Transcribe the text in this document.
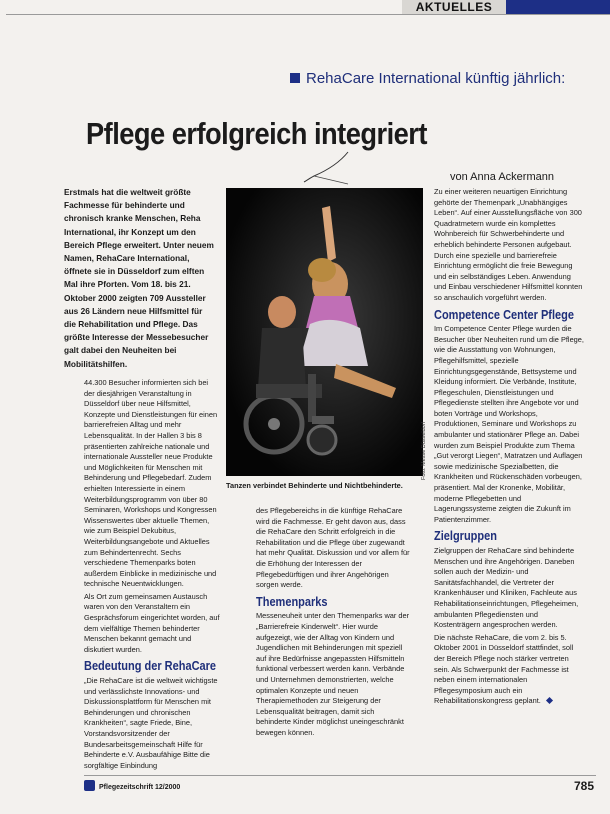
AKTUELLES
RehaCare International künftig jährlich:
Pflege erfolgreich integriert
von Anna Ackermann
Erstmals hat die weltweit größte Fachmesse für behinderte und chronisch kranke Menschen, Reha International, ihr Konzept um den Bereich Pflege erweitert. Unter neuem Namen, RehaCare International, öffnete sie in Düsseldorf zum elften Mal ihre Pforten. Vom 18. bis 21. Oktober 2000 zeigten 709 Aussteller aus 26 Ländern neue Hilfsmittel für die Rehabilitation und Pflege. Das größte Interesse der Messebesucher galt dabei den Neuheiten bei Mobilitätshilfen.

44.300 Besucher informierten sich bei der diesjährigen Veranstaltung in Düsseldorf über neue Hilfsmittel, Konzepte und Dienstleistungen für einen barrierefreien Alltag und mehr Lebensqualität. In der Hallen 3 bis 8 präsentierten zahlreiche nationale und internationale Aussteller neue Produkte und Möglichkeiten für Menschen mit Behinderung und Pflegebedarf. Zudem erhielten Interessierte in einem Weiterbildungsprogramm von über 80 Seminaren, Workshops und Kongressen Wissenswertes über aktuelle Themen, wie zum Beispiel Dekubitus, Weiterbildungsangebote und Aktuelles zum Behindertenrecht. Sechs verschiedene Themenparks boten außerdem Einblicke in medizinische und technische Neuentwicklungen.

Als Ort zum gemeinsamen Austausch waren von den Veranstaltern ein Gesprächsforum eingerichtet worden, auf dem vielfältige Themen behinderter Menschen bekannt gemacht und diskutiert wurden.

Bedeutung der RehaCare

„Die RehaCare ist die weltweit wichtigste und verlässlichste Innovations- und Diskussionsplattform für Menschen mit Behinderungen und chronischen Krankheiten“, sagte Friede, Bine, Vorstandsvorsitzender der Bundesarbeitsgemeinschaft Hilfe für Behinderte e.V. Ausbaufähige Bitte die sorgfältige Einbindung

Foto: Messe Düsseldorf
Tanzen verbindet Behinderte und Nichtbehinderte.

des Pflegebereichs in die künftige RehaCare wird die Fachmesse. Er geht davon aus, dass die RehaCare den Schritt erfolgreich in die Rehabilitation und die Pflege über zugewandt hat mehr Qualität. Diskussion und vor allem für die Erhöhung der Interessen der Pflegebedürftigen und ihrer Angehörigen sorgen werde.

Themenparks

Messeneuheit unter den Themenparks war der „Barrierefreie Kinderwelt“. Hier wurde aufgezeigt, wie der Alltag von Kindern und Jugendlichen mit Behinderungen mit speziell auf ihre Bedürfnisse angepassten Hilfsmitteln funktional verbessert werden kann. Verbände und Unternehmen demonstrierten, welche optimalen Konzepte und neuen Therapiemethoden zur Steigerung der Lebensqualität beitragen, damit sich behinderte Kinder möglichst uneingeschränkt bewegen können.

Zu einer weiteren neuartigen Einrichtung gehörte der Themenpark „Unabhängiges Leben“. Auf einer Ausstellungsfläche von 300 Quadratmetern wurde ein komplettes Wohnbereich für Schwerbehinderte und erheblich behinderte Personen aufgebaut. Durch eine spezielle und barrierefreie Einrichtung ermöglicht die freie Bewegung und ein selbständiges Leben. Anwendung und Einbau verschiedener Hilfsmittel konnten so anschaulich vorgeführt werden.

Competence Center Pflege

Im Competence Center Pflege wurden die Besucher über Neuheiten rund um die Pflege, wie die Ausstattung von Wohnungen, Pflegehilfsmittel, spezielle Einrichtungsgegenstände, Bettsysteme und Kleidung informiert. Die Verbände, Institute, Pflegeschulen, Dienstleistungen und Pflegedienste stellten ihre Angebote vor und boten Vorträge und Workshops, Produktionen, Seminare und Workshops zu ambulanter und stationärer Pflege an. Dabei wurden zum Beispiel Produkte zum Thema „Gut verorgt Liegen“, Matratzen und Auflagen sowie medizinische Spezialbetten, die Krankheiten und Rückenschäden vorbeugen, präsentiert. Mal der Kronenke, Mobilitär, moderne Pflegebetten und Lagerungssysteme zeigten die Zukunft im Patientenzimmer.

Zielgruppen

Zielgruppen der RehaCare sind behinderte Menschen und ihre Angehörigen. Daneben sollen auch der Medizin- und Sanitätsfachhandel, die Vertreter der Krankenhäuser und Kliniken, Fachleute aus Rehabilitationseinrichtungen, Pflegeheimen, ambulanten Pflegediensten und Kostenträgern angesprochen werden.

Die nächste RehaCare, die vom 2. bis 5. Oktober 2001 in Düsseldorf stattfindet, soll der Bereich Pflege noch stärker vertreten sein. Als Schwerpunkt der Fachmesse ist neben einem internationalen Pflegesymposium auch ein Rehabilitationskongress geplant.

Pflegezeitschrift 12/2000	785
